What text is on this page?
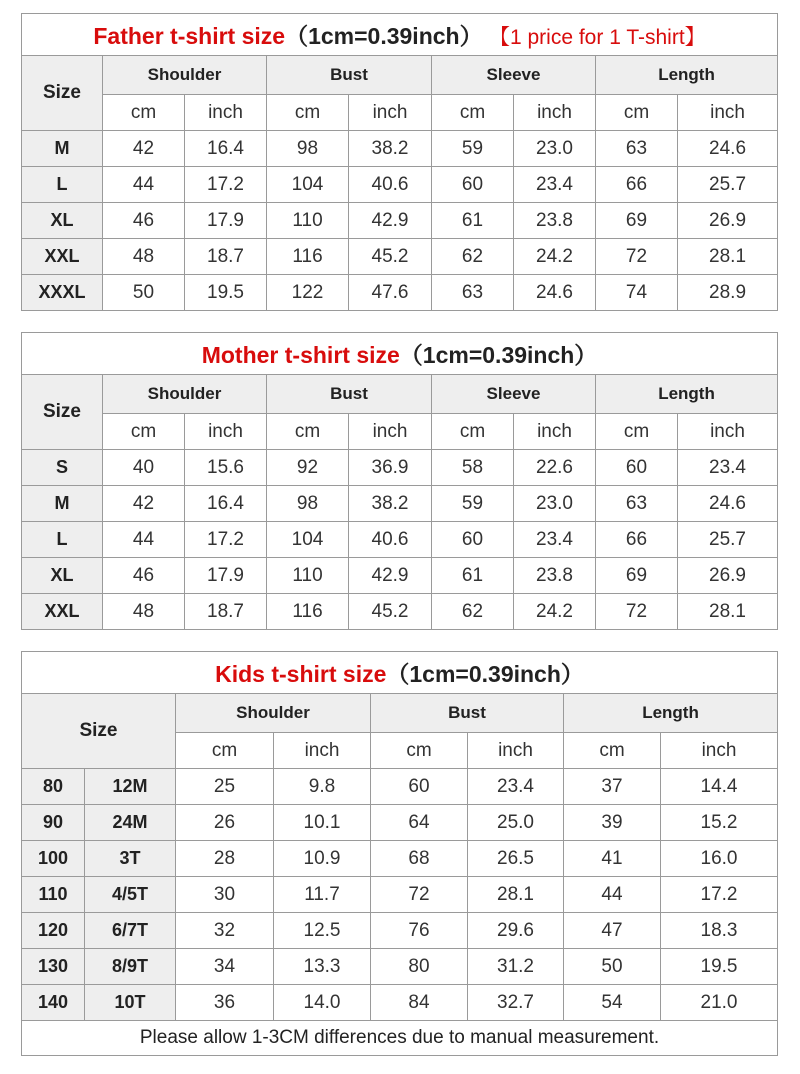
Father t-shirt size（1cm=0.39inch） 【1 price for 1 T-shirt】								
Size	Shoulder		Bust		Sleeve		Length	
	cm	inch	cm	inch	cm	inch	cm	inch
M	42	16.4	98	38.2	59	23.0	63	24.6
L	44	17.2	104	40.6	60	23.4	66	25.7
XL	46	17.9	110	42.9	61	23.8	69	26.9
XXL	48	18.7	116	45.2	62	24.2	72	28.1
XXXL	50	19.5	122	47.6	63	24.6	74	28.9
Mother t-shirt size（1cm=0.39inch）								
Size	Shoulder		Bust		Sleeve		Length	
	cm	inch	cm	inch	cm	inch	cm	inch
S	40	15.6	92	36.9	58	22.6	60	23.4
M	42	16.4	98	38.2	59	23.0	63	24.6
L	44	17.2	104	40.6	60	23.4	66	25.7
XL	46	17.9	110	42.9	61	23.8	69	26.9
XXL	48	18.7	116	45.2	62	24.2	72	28.1
Kids t-shirt size（1cm=0.39inch）							
Size		Shoulder		Bust		Length	
		cm	inch	cm	inch	cm	inch
80	12M	25	9.8	60	23.4	37	14.4
90	24M	26	10.1	64	25.0	39	15.2
100	3T	28	10.9	68	26.5	41	16.0
110	4/5T	30	11.7	72	28.1	44	17.2
120	6/7T	32	12.5	76	29.6	47	18.3
130	8/9T	34	13.3	80	31.2	50	19.5
140	10T	36	14.0	84	32.7	54	21.0
Please allow 1-3CM differences due to manual measurement.							
